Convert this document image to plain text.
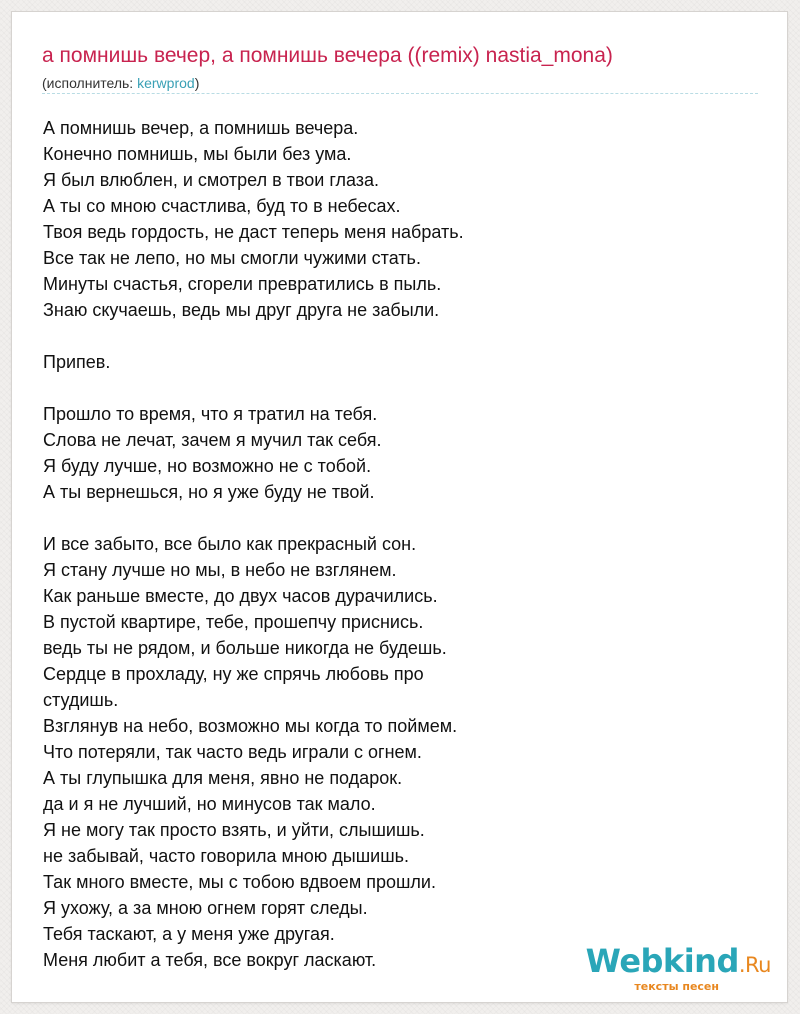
а помнишь вечер, а помнишь вечера ((remix) nastia_mona)
(исполнитель: kerwprod)
А помнишь вечер, а помнишь вечера.
Конечно помнишь, мы были без ума.
Я был влюблен, и смотрел в твои глаза.
А ты со мною счастлива, буд то в небесах.
Твоя ведь гордость, не даст теперь меня набрать.
Все так не лепо, но мы смогли чужими стать.
Минуты счастья, сгорели превратились в пыль.
Знаю скучаешь, ведь мы друг друга не забыли.
Припев.
Прошло то время, что я тратил на тебя.
Слова не лечат, зачем я мучил так себя.
Я буду лучше, но возможно не с тобой.
А ты вернешься, но я уже буду не твой.
И все забыто, все было как прекрасный сон.
Я стану лучше но мы, в небо не взглянем.
Как раньше вместе, до двух часов дурачились.
В пустой квартире, тебе, прошепчу приснись.
ведь ты не рядом, и больше никогда не будешь.
Сердце в прохладу, ну же спрячь любовь про
студишь.
Взглянув на небо, возможно мы когда то поймем.
Что потеряли, так часто ведь играли с огнем.
А ты глупышка для меня, явно не подарок.
да и я не лучший, но минусов так мало.
Я не могу так просто взять, и уйти, слышишь.
не забывай, часто говорила мною дышишь.
Так много вместе, мы с тобою вдвоем прошли.
Я ухожу, а за мною огнем горят следы.
Тебя таскают, а у меня уже другая.
Меня любит а тебя, все вокруг ласкают.	Webkind.Ru
тексты песен
